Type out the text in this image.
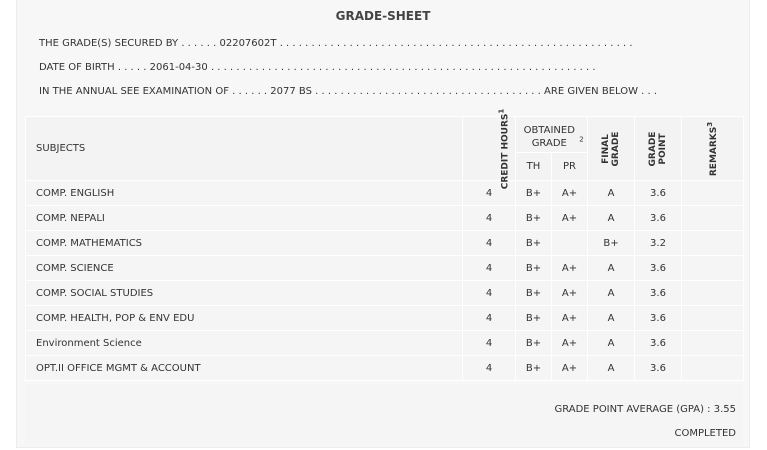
GRADE-SHEET
THE GRADE(S) SECURED BY . . . . . . 02207602T . . . . . . . . . . . . . . . . . . . . . . . . . . . . . . . . . . . . . . . . . . . . . . . . . . . . . . . .
DATE OF BIRTH . . . . . 2061-04-30 . . . . . . . . . . . . . . . . . . . . . . . . . . . . . . . . . . . . . . . . . . . . . . . . . . . . . . . . . . . . .
IN THE ANNUAL SEE EXAMINATION OF . . . . . . 2077 BS . . . . . . . . . . . . . . . . . . . . . . . . . . . . . . . . . . . . ARE GIVEN BELOW . . .
SUBJECTS	CREDIT HOURS$^1$	OBTAINED GRADE $^2$		FINAL GRADE	GRADE POINT	REMARKS$^3$
		TH	PR			
COMP. ENGLISH	4	B+	A+	A	3.6	
COMP. NEPALI	4	B+	A+	A	3.6	
COMP. MATHEMATICS	4	B+		B+	3.2	
COMP. SCIENCE	4	B+	A+	A	3.6	
COMP. SOCIAL STUDIES	4	B+	A+	A	3.6	
COMP. HEALTH, POP & ENV EDU	4	B+	A+	A	3.6	
Environment Science	4	B+	A+	A	3.6	
OPT.II OFFICE MGMT & ACCOUNT	4	B+	A+	A	3.6	
GRADE POINT AVERAGE (GPA) : 3.55
COMPLETED
